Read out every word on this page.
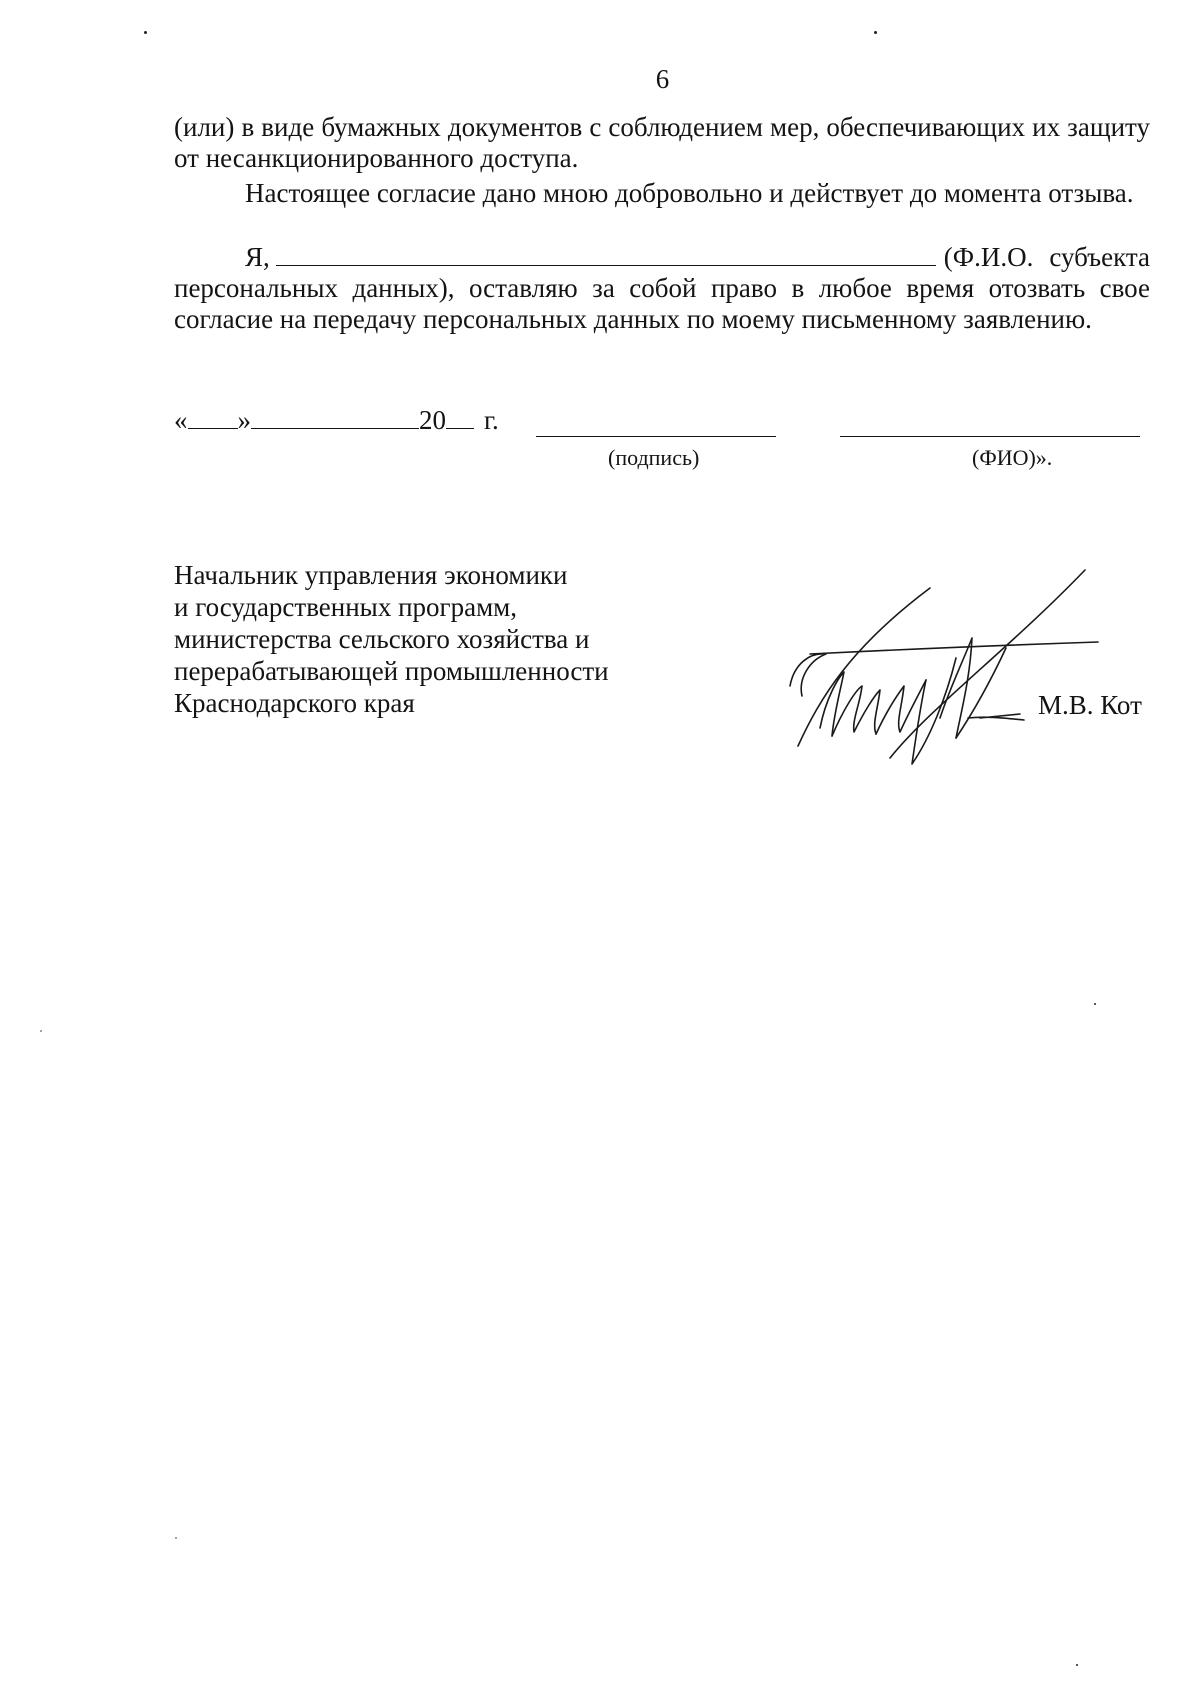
6

(или) в виде бумажных документов с соблюдением мер, обеспечивающих их защиту от несанкционированного доступа.

Настоящее согласие дано мною добровольно и действует до момента отзыва.

Я,	(Ф.И.О. субъекта персональных данных), оставляю за собой право в любое время отозвать свое согласие на передачу персональных данных по моему письменному заявлению.

« »	20 г.
(подпись)	(ФИО)».
Начальник управления экономики
и государственных программ,
министерства сельского хозяйства и
перерабатывающей промышленности
Краснодарского края	М.В. Кот
